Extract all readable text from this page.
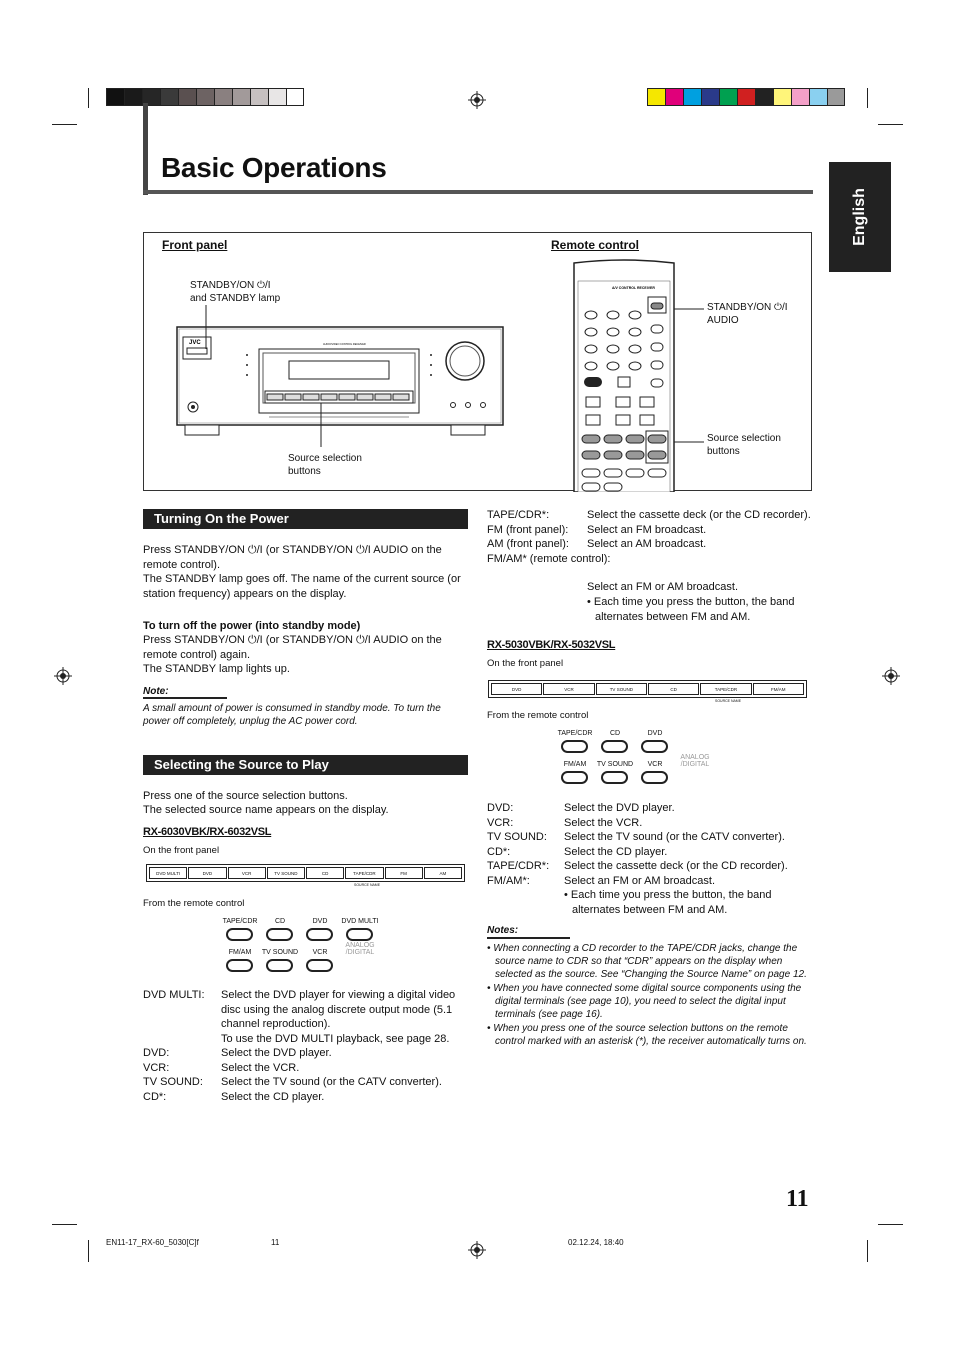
Basic Operations
English
Front panel	Remote control
STANDBY/ON ⏻/I
and STANDBY lamp
Source selection
buttons
STANDBY/ON ⏻/I
AUDIO
Source selection
buttons
JVC	AUDIO/VIDEO CONTROL RECEIVER
A/V CONTROL RECEIVER
Turning On the Power
Press STANDBY/ON ⏻/I (or STANDBY/ON ⏻/I AUDIO on the remote control).
The STANDBY lamp goes off. The name of the current source (or station frequency) appears on the display.
To turn off the power (into standby mode)
Press STANDBY/ON ⏻/I (or STANDBY/ON ⏻/I AUDIO on the remote control) again.
The STANDBY lamp lights up.
Note:
A small amount of power is consumed in standby mode. To turn the power off completely, unplug the AC power cord.
Selecting the Source to Play
Press one of the source selection buttons.
The selected source name appears on the display.
RX-6030VBK/RX-6032VSL
On the front panel
DVD MULTI	DVD	VCR	TV SOUND	CD	TAPE/CDR	FM	AM
SOURCE NAME
From the remote control
TAPE/CDR	CD	DVD	DVD MULTI
FM/AM	TV SOUND	VCR
ANALOG
/DIGITAL
DVD MULTI:	Select the DVD player for viewing a digital video disc using the analog discrete output mode (5.1 channel reproduction).
To use the DVD MULTI playback, see page 28.
DVD:	Select the DVD player.
VCR:	Select the VCR.
TV SOUND:	Select the TV sound (or the CATV converter).
CD*:	Select the CD player.
TAPE/CDR*:	Select the cassette deck (or the CD recorder).
FM (front panel):	Select an FM broadcast.
AM (front panel):	Select an AM broadcast.
FM/AM* (remote control):
Select an FM or AM broadcast.
• Each time you press the button, the band alternates between FM and AM.
RX-5030VBK/RX-5032VSL
On the front panel
DVD	VCR	TV SOUND	CD	TAPE/CDR	FM/AM
SOURCE NAME
From the remote control
TAPE/CDR	CD	DVD
FM/AM	TV SOUND	VCR
ANALOG
/DIGITAL
DVD:	Select the DVD player.
VCR:	Select the VCR.
TV SOUND:	Select the TV sound (or the CATV converter).
CD*:	Select the CD player.
TAPE/CDR*:	Select the cassette deck (or the CD recorder).
FM/AM*:	Select an FM or AM broadcast.
• Each time you press the button, the band alternates between FM and AM.
Notes:
• When connecting a CD recorder to the TAPE/CDR jacks, change the source name to CDR so that “CDR” appears on the display when selected as the source. See “Changing the Source Name” on page 12.
• When you have connected some digital source components using the digital terminals (see page 10), you need to select the digital input terminals (see page 16).
• When you press one of the source selection buttons on the remote control marked with an asterisk (*), the receiver automatically turns on.
11
EN11-17_RX-60_5030[C]f	11	02.12.24, 18:40
